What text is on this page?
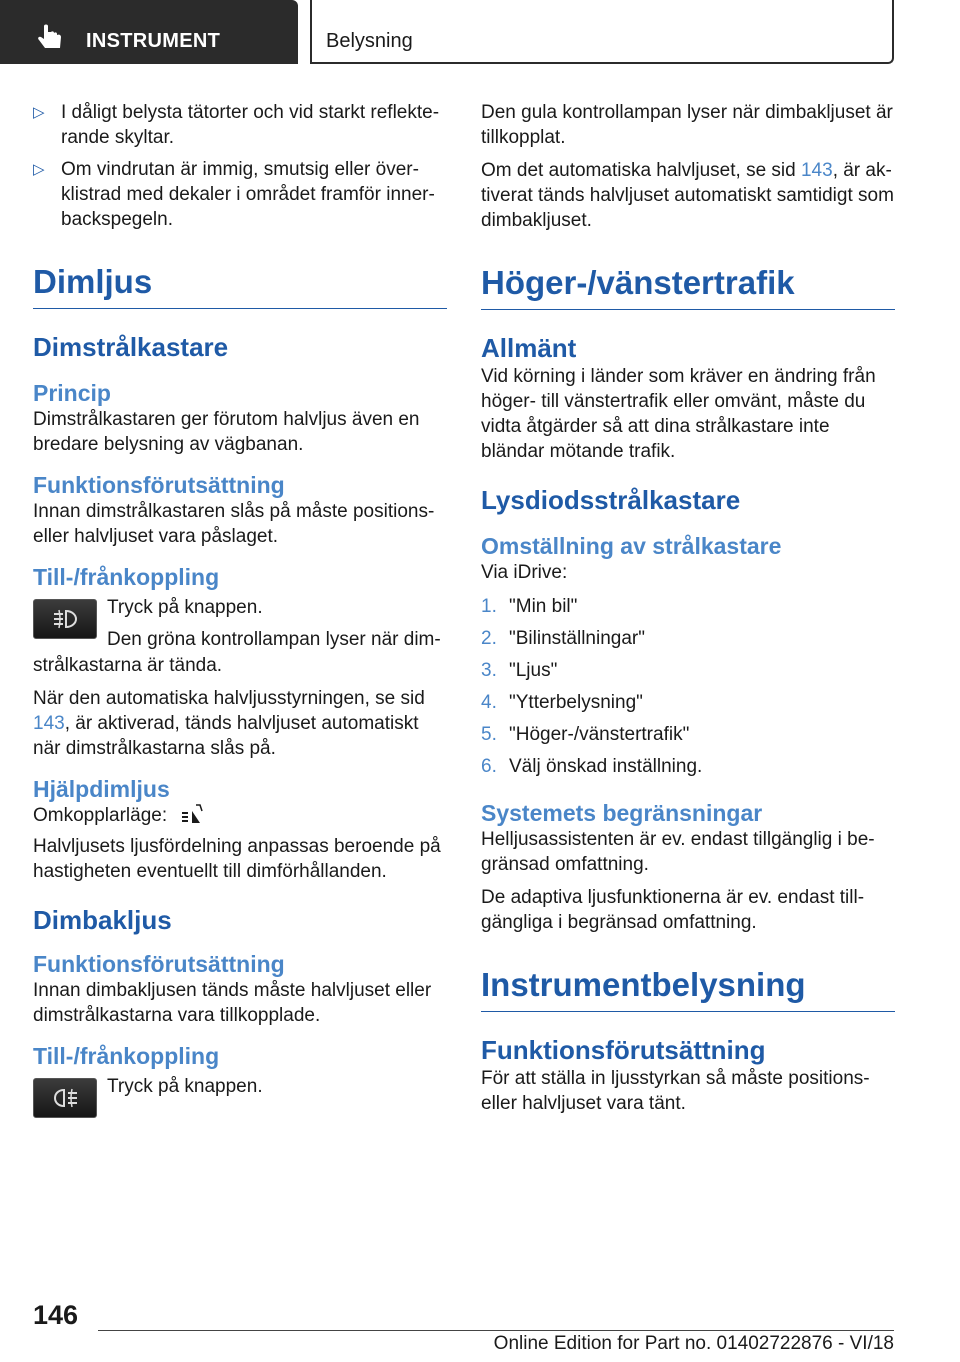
INSTRUMENT	Belysning
▷ I dåligt belysta tätorter och vid starkt reflekterande skyltar.
▷ Om vindrutan är immig, smutsig eller överklistrad med dekaler i området framför innerbackspegeln.
Dimljus
Dimstrålkastare
Princip

Dimstrålkastaren ger förutom halvljus även en bredare belysning av vägbanan.

Funktionsförutsättning

Innan dimstrålkastaren slås på måste positionseller halvljuset vara påslaget.

Till-/frånkoppling

Tryck på knappen.

Den gröna kontrollampan lyser när dim‑

strålkastarna är tända.

När den automatiska halvljusstyrningen, se sid 143, är aktiverad, tänds halvljuset automatiskt när dimstrålkastarna slås på.

Hjälpdimljus

Omkopplarläge:

Halvljusets ljusfördelning anpassas beroende på hastigheten eventuellt till dimförhållanden.

Dimbakljus
Funktionsförutsättning

Innan dimbakljusen tänds måste halvljuset eller dimstrålkastarna vara tillkopplade.

Till-/frånkoppling

Tryck på knappen.

Den gula kontrollampan lyser när dimbakljuset är tillkopplat.

Om det automatiska halvljuset, se sid 143, är aktiverat tänds halvljuset automatiskt samtidigt som dimbakljuset.

Höger-/vänstertrafik
Allmänt

Vid körning i länder som kräver en ändring från höger- till vänstertrafik eller omvänt, måste du vidta åtgärder så att dina strålkastare inte bländar mötande trafik.

Lysdiodsstrålkastare
Omställning av strålkastare

Via iDrive:

1. "Min bil"
2. "Bilinställningar"
3. "Ljus"
4. "Ytterbelysning"
5. "Höger-/vänstertrafik"
6. Välj önskad inställning.
Systemets begränsningar

Helljusassistenten är ev. endast tillgänglig i begränsad omfattning.

De adaptiva ljusfunktionerna är ev. endast tillgängliga i begränsad omfattning.

Instrumentbelysning
Funktionsförutsättning

För att ställa in ljusstyrkan så måste positions- eller halvljuset vara tänt.

146
Online Edition for Part no. 01402722876 - VI/18
